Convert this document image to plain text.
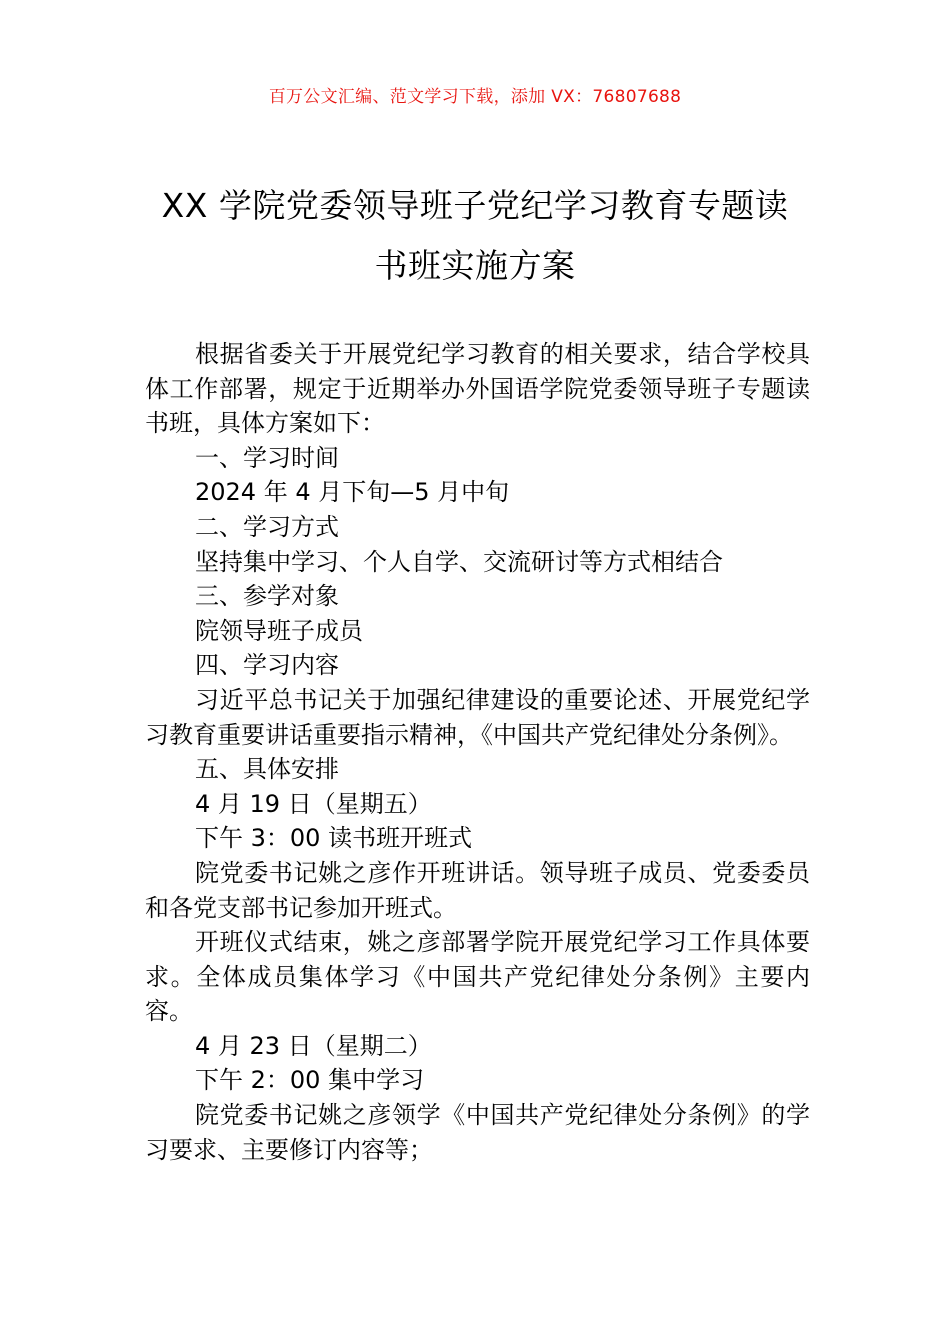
百万公文汇编、范文学习下载，添加 VX：76807688
XX 学院党委领导班子党纪学习教育专题读
书班实施方案

根据省委关于开展党纪学习教育的相关要求，结合学校具体工作部署，规定于近期举办外国语学院党委领导班子专题读书班，具体方案如下：

一、学习时间

2024 年 4 月下旬—5 月中旬

二、学习方式

坚持集中学习、个人自学、交流研讨等方式相结合

三、参学对象

院领导班子成员

四、学习内容

习近平总书记关于加强纪律建设的重要论述、开展党纪学习教育重要讲话重要指示精神，《中国共产党纪律处分条例》。

五、具体安排

4 月 19 日（星期五）

下午 3：00 读书班开班式

院党委书记姚之彦作开班讲话。领导班子成员、党委委员和各党支部书记参加开班式。

开班仪式结束，姚之彦部署学院开展党纪学习工作具体要求。全体成员集体学习《中国共产党纪律处分条例》主要内容。

4 月 23 日（星期二）

下午 2：00 集中学习

院党委书记姚之彦领学《中国共产党纪律处分条例》的学习要求、主要修订内容等；
